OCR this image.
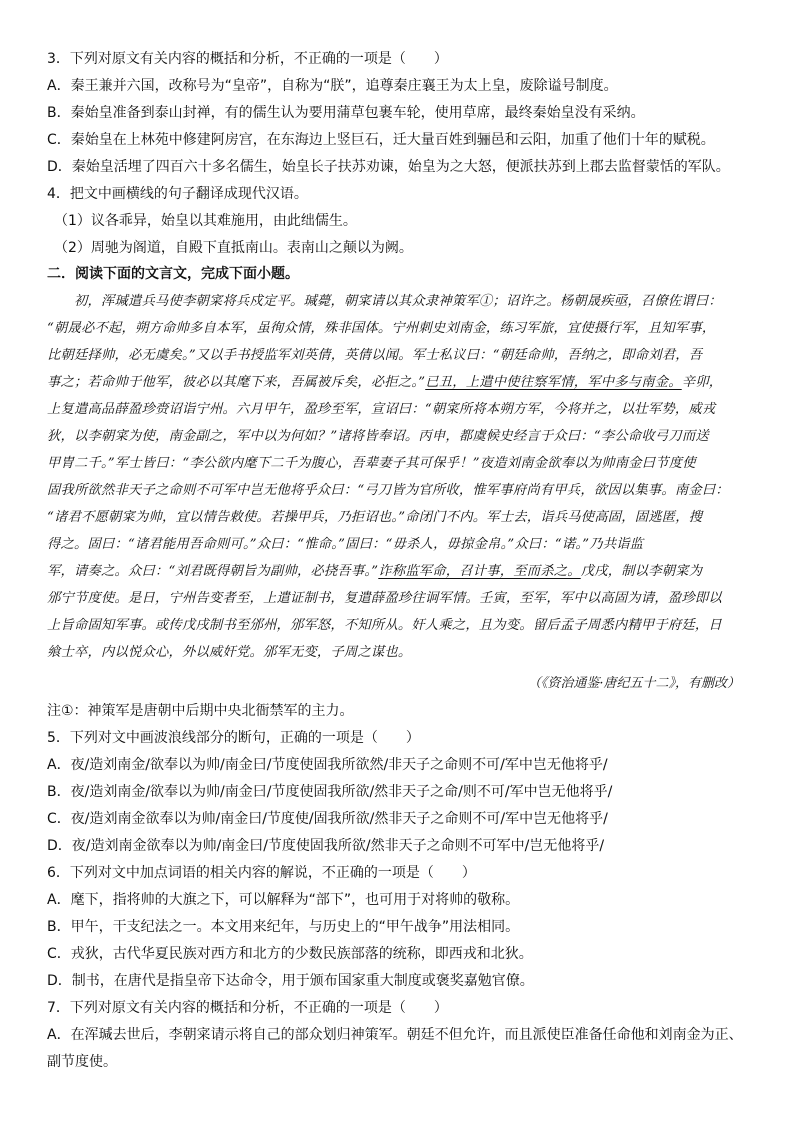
3．下列对原文有关内容的概括和分析，不正确的一项是（　　）
A．秦王兼并六国，改称号为“皇帝”，自称为“朕”，追尊秦庄襄王为太上皇，废除谥号制度。
B．秦始皇准备到泰山封禅，有的儒生认为要用蒲草包裹车轮，使用草席，最终秦始皇没有采纳。
C．秦始皇在上林苑中修建阿房宫，在东海边上竖巨石，迁大量百姓到骊邑和云阳，加重了他们十年的赋税。
D．秦始皇活埋了四百六十多名儒生，始皇长子扶苏劝谏，始皇为之大怒，便派扶苏到上郡去监督蒙恬的军队。
4．把文中画横线的句子翻译成现代汉语。
（1）议各乖异，始皇以其难施用，由此绌儒生。
（2）周驰为阁道，自殿下直抵南山。表南山之颠以为阙。
二．阅读下面的文言文，完成下面小题。
初，浑瑊遣兵马使李朝寀将兵戍定平。瑊薨，朝寀请以其众隶神策军①；诏许之。杨朝晟疾亟，召僚佐谓曰：
“朝晟必不起，朔方命帅多自本军，虽徇众情，殊非国体。宁州刺史刘南金，练习军旅，宜使摄行军，且知军事，
比朝廷择帅，必无虞矣。”又以手书授监军刘英倩，英倩以闻。军士私议曰：“朝廷命帅，吾纳之，即命刘君，吾
事之；若命帅于他军，彼必以其麾下来，吾属被斥矣，必拒之。”已丑，上遣中使往察军情，军中多与南金。辛卯，
上复遣高品薛盈珍赍诏诣宁州。六月甲午，盈珍至军，宣诏曰：“朝寀所将本朔方军，今将并之，以壮军势，威戎
狄，以李朝寀为使，南金副之，军中以为何如？”诸将皆奉诏。丙申，都虞候史经言于众曰：“李公命收弓刀而送
甲胄二千。”军士皆曰：“李公欲内麾下二千为腹心，吾辈妻子其可保乎！”夜造刘南金欲奉以为帅南金曰节度使
固我所欲然非天子之命则不可军中岂无他将乎众曰：“弓刀皆为官所收，惟军事府尚有甲兵，欲因以集事。南金曰：
“诸君不愿朝寀为帅，宜以情告敕使。若操甲兵，乃拒诏也。”命闭门不内。军士去，诣兵马使高固，固逃匿，搜
得之。固曰：“诸君能用吾命则可。”众曰：“惟命。”固曰：“毋杀人，毋掠金帛。”众曰：“诺。”乃共诣监
军，请奏之。众曰：“刘君既得朝旨为副帅，必挠吾事。”诈称监军命，召计事，至而杀之。戊戌，制以李朝寀为
邠宁节度使。是日，宁州告变者至，上遣证制书，复遣薛盈珍往诇军情。壬寅，至军，军中以高固为请，盈珍即以
上旨命固知军事。或传戊戌制书至邠州，邠军怒，不知所从。奸人乘之，且为变。留后孟子周悉内精甲于府廷，日
飨士卒，内以悦众心，外以威奸党。邠军无变，子周之谋也。
（《资治通鉴·唐纪五十二》，有删改）
注①：神策军是唐朝中后期中央北衙禁军的主力。
5．下列对文中画波浪线部分的断句，正确的一项是（　　）
A．夜/造刘南金/欲奉以为帅/南金曰/节度使固我所欲然/非天子之命则不可/军中岂无他将乎/
B．夜/造刘南金/欲奉以为帅/南金曰/节度使固我所欲/然非天子之命/则不可/军中岂无他将乎/
C．夜/造刘南金欲奉以为帅/南金曰/节度使/固我所欲/然非天子之命则不可/军中岂无他将乎/
D．夜/造刘南金欲奉以为帅/南金曰/节度使固我所欲/然非天子之命则不可军中/岂无他将乎/
6．下列对文中加点词语的相关内容的解说，不正确的一项是（　　）
A．麾下，指将帅的大旗之下，可以解释为“部下”，也可用于对将帅的敬称。
B．甲午，干支纪法之一。本文用来纪年，与历史上的“甲午战争”用法相同。
C．戎狄，古代华夏民族对西方和北方的少数民族部落的统称，即西戎和北狄。
D．制书，在唐代是指皇帝下达命令，用于颁布国家重大制度或褒奖嘉勉官僚。
7．下列对原文有关内容的概括和分析，不正确的一项是（　　）
A．在浑瑊去世后，李朝寀请示将自己的部众划归神策军。朝廷不但允许，而且派使臣准备任命他和刘南金为正、
副节度使。
